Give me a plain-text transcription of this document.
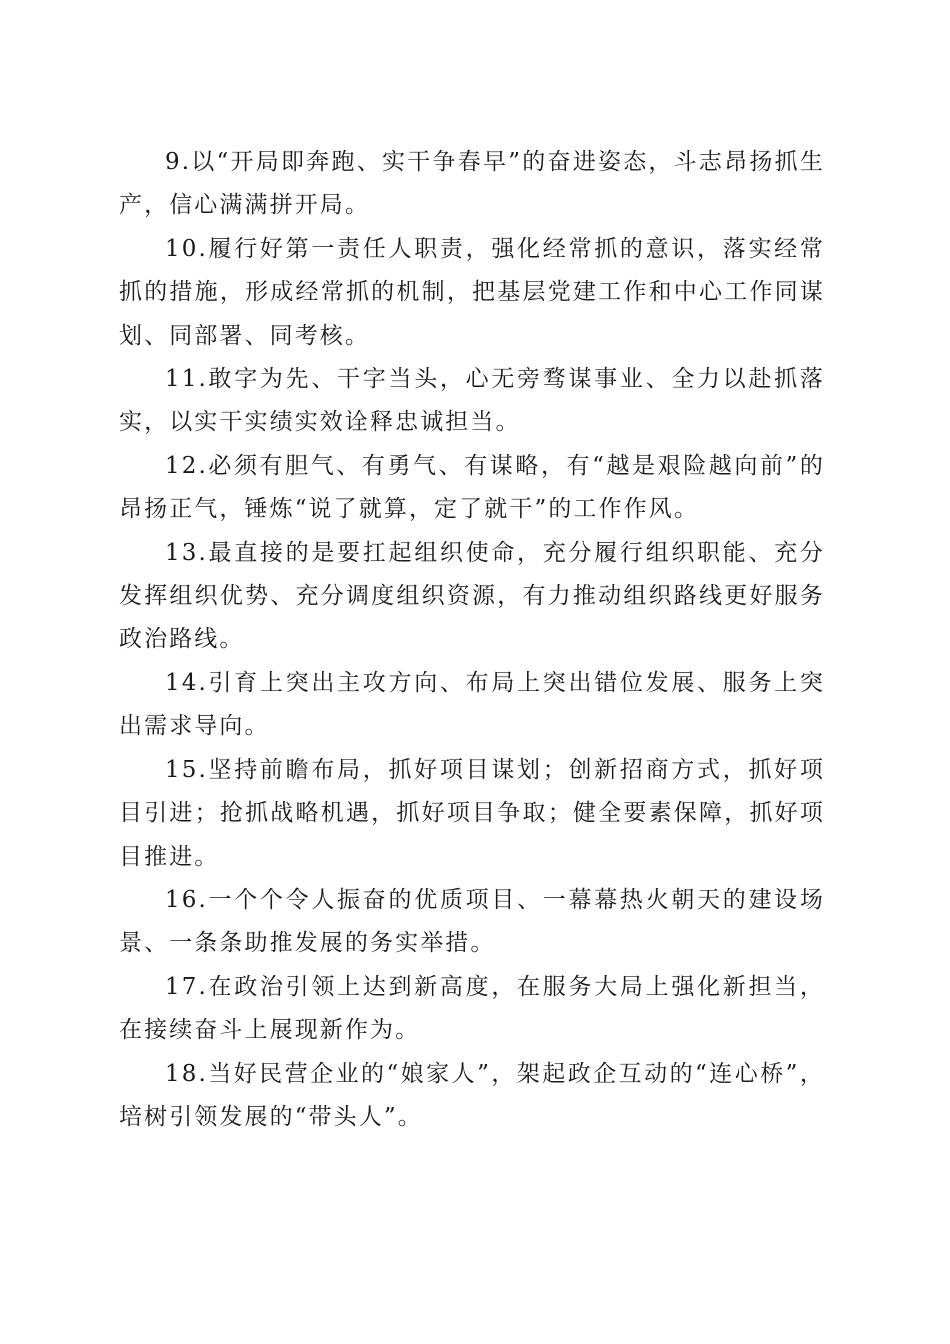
9.以“开局即奔跑、实干争春早”的奋进姿态，斗志昂扬抓生产，信心满满拼开局。

10.履行好第一责任人职责，强化经常抓的意识，落实经常抓的措施，形成经常抓的机制，把基层党建工作和中心工作同谋划、同部署、同考核。

11.敢字为先、干字当头，心无旁骛谋事业、全力以赴抓落实，以实干实绩实效诠释忠诚担当。

12.必须有胆气、有勇气、有谋略，有“越是艰险越向前”的昂扬正气，锤炼“说了就算，定了就干”的工作作风。

13.最直接的是要扛起组织使命，充分履行组织职能、充分发挥组织优势、充分调度组织资源，有力推动组织路线更好服务政治路线。

14.引育上突出主攻方向、布局上突出错位发展、服务上突出需求导向。

15.坚持前瞻布局，抓好项目谋划；创新招商方式，抓好项目引进；抢抓战略机遇，抓好项目争取；健全要素保障，抓好项目推进。

16.一个个令人振奋的优质项目、一幕幕热火朝天的建设场景、一条条助推发展的务实举措。

17.在政治引领上达到新高度，在服务大局上强化新担当，在接续奋斗上展现新作为。

18.当好民营企业的“娘家人”，架起政企互动的“连心桥”，培树引领发展的“带头人”。
